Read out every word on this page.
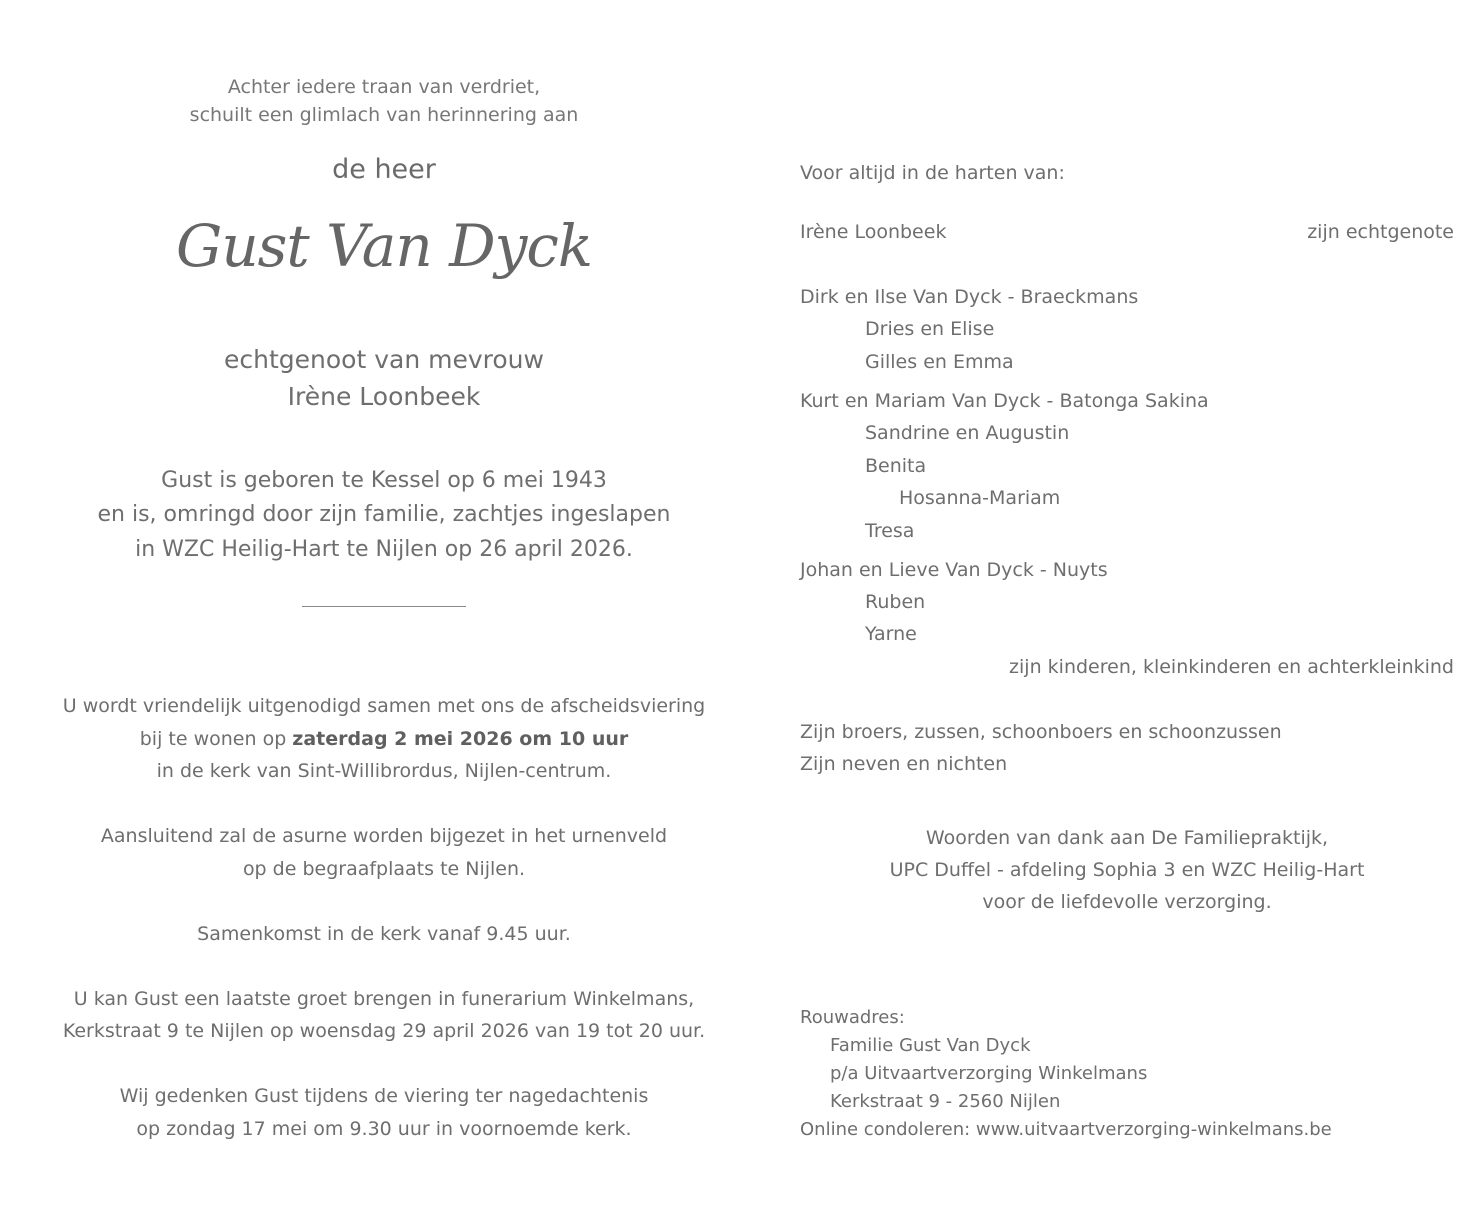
Achter iedere traan van verdriet,
schuilt een glimlach van herinnering aan
de heer
Gust Van Dyck
echtgenoot van mevrouw
Irène Loonbeek
Gust is geboren te Kessel op 6 mei 1943
en is, omringd door zijn familie, zachtjes ingeslapen
in WZC Heilig-Hart te Nijlen op 26 april 2026.
U wordt vriendelijk uitgenodigd samen met ons de afscheidsviering
bij te wonen op zaterdag 2 mei 2026 om 10 uur
in de kerk van Sint-Willibrordus, Nijlen-centrum.
Aansluitend zal de asurne worden bijgezet in het urnenveld
op de begraafplaats te Nijlen.
Samenkomst in de kerk vanaf 9.45 uur.
U kan Gust een laatste groet brengen in funerarium Winkelmans,
Kerkstraat 9 te Nijlen op woensdag 29 april 2026 van 19 tot 20 uur.
Wij gedenken Gust tijdens de viering ter nagedachtenis
op zondag 17 mei om 9.30 uur in voornoemde kerk.
Voor altijd in de harten van:
Irène Loonbeek	zijn echtgenote
Dirk en Ilse Van Dyck - Braeckmans
Dries en Elise
Gilles en Emma
Kurt en Mariam Van Dyck - Batonga Sakina
Sandrine en Augustin
Benita
Hosanna-Mariam
Tresa
Johan en Lieve Van Dyck - Nuyts
Ruben
Yarne
zijn kinderen, kleinkinderen en achterkleinkind
Zijn broers, zussen, schoonboers en schoonzussen
Zijn neven en nichten
Woorden van dank aan De Familiepraktijk,
UPC Duffel - afdeling Sophia 3 en WZC Heilig-Hart
voor de liefdevolle verzorging.
Rouwadres:
Familie Gust Van Dyck
p/a Uitvaartverzorging Winkelmans
Kerkstraat 9 - 2560 Nijlen
Online condoleren: www.uitvaartverzorging-winkelmans.be
